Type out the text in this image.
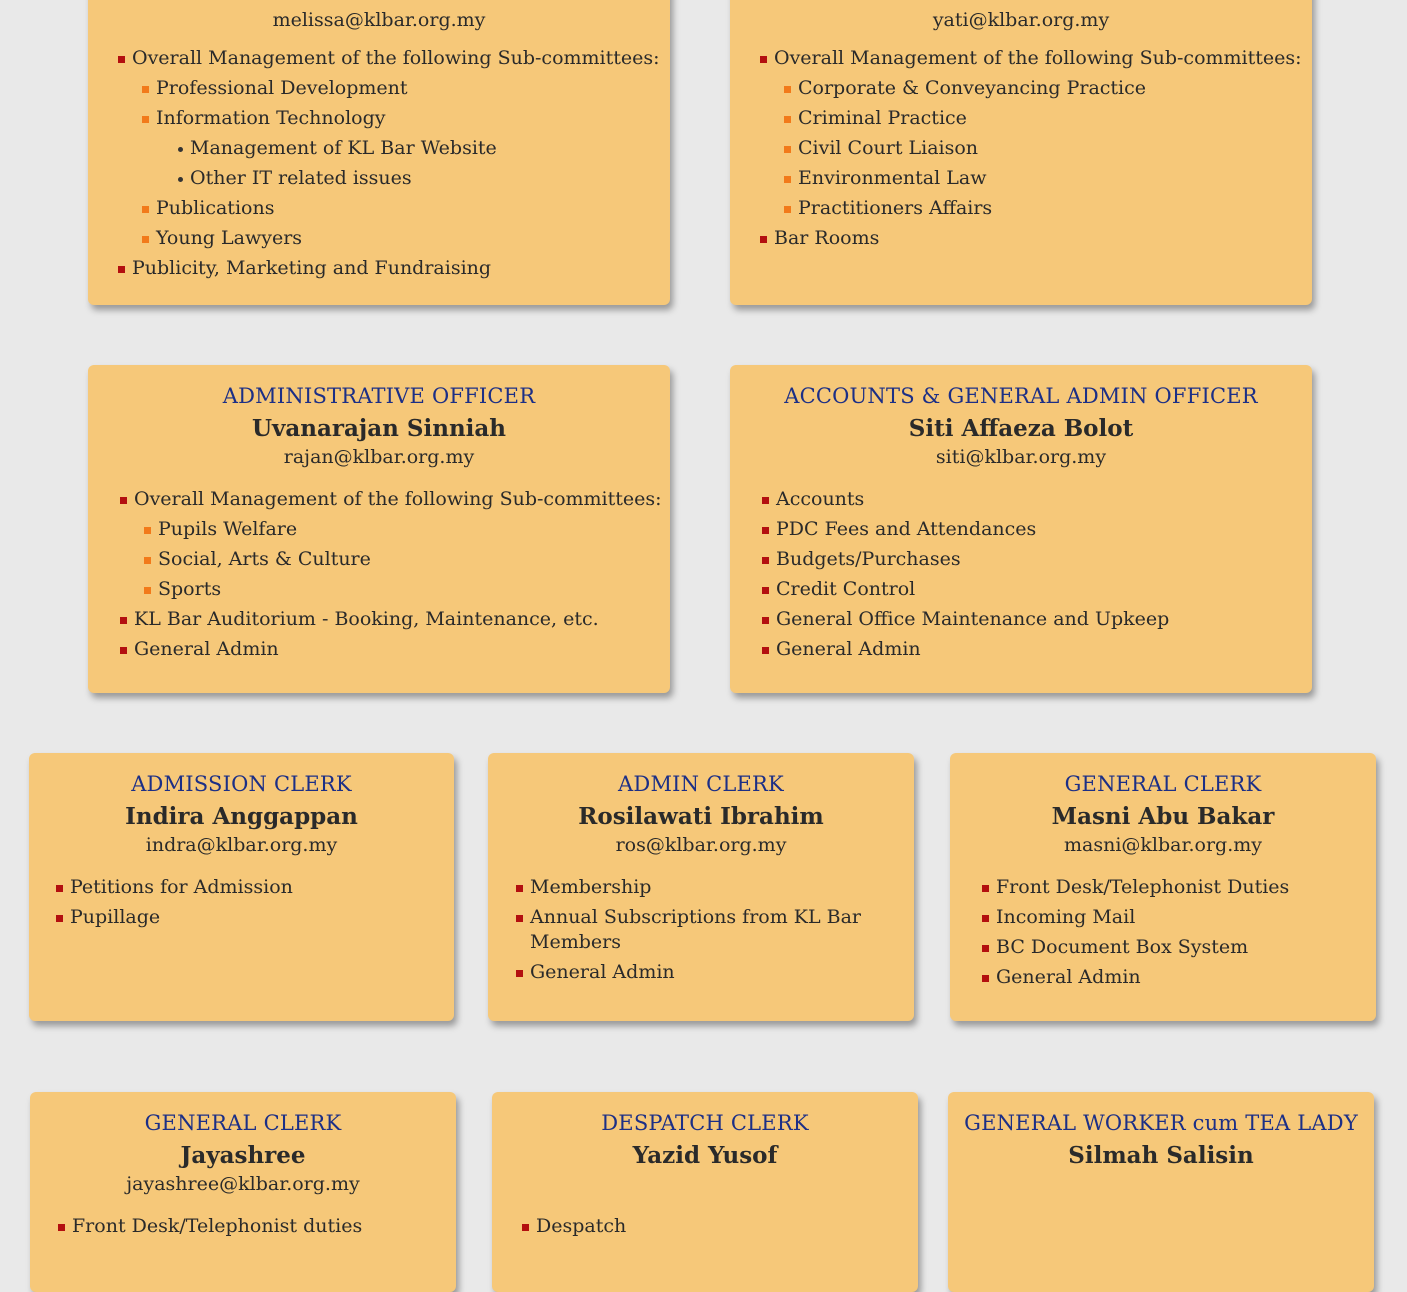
melissa@klbar.org.my
Overall Management of the following Sub-committees:
Professional Development
Information Technology
Management of KL Bar Website
Other IT related issues
Publications
Young Lawyers
Publicity, Marketing and Fundraising
yati@klbar.org.my
Overall Management of the following Sub-committees:
Corporate & Conveyancing Practice
Criminal Practice
Civil Court Liaison
Environmental Law
Practitioners Affairs
Bar Rooms
ADMINISTRATIVE OFFICER
Uvanarajan Sinniah
rajan@klbar.org.my
Overall Management of the following Sub-committees:
Pupils Welfare
Social, Arts & Culture
Sports
KL Bar Auditorium - Booking, Maintenance, etc.
General Admin
ACCOUNTS & GENERAL ADMIN OFFICER
Siti Affaeza Bolot
siti@klbar.org.my
Accounts
PDC Fees and Attendances
Budgets/Purchases
Credit Control
General Office Maintenance and Upkeep
General Admin
ADMISSION CLERK
Indira Anggappan
indra@klbar.org.my
Petitions for Admission
Pupillage
ADMIN CLERK
Rosilawati Ibrahim
ros@klbar.org.my
Membership
Annual Subscriptions from KL Bar Members
General Admin
GENERAL CLERK
Masni Abu Bakar
masni@klbar.org.my
Front Desk/Telephonist Duties
Incoming Mail
BC Document Box System
General Admin
GENERAL CLERK
Jayashree
jayashree@klbar.org.my
Front Desk/Telephonist duties
DESPATCH CLERK
Yazid Yusof
Despatch
GENERAL WORKER cum TEA LADY
Silmah Salisin
